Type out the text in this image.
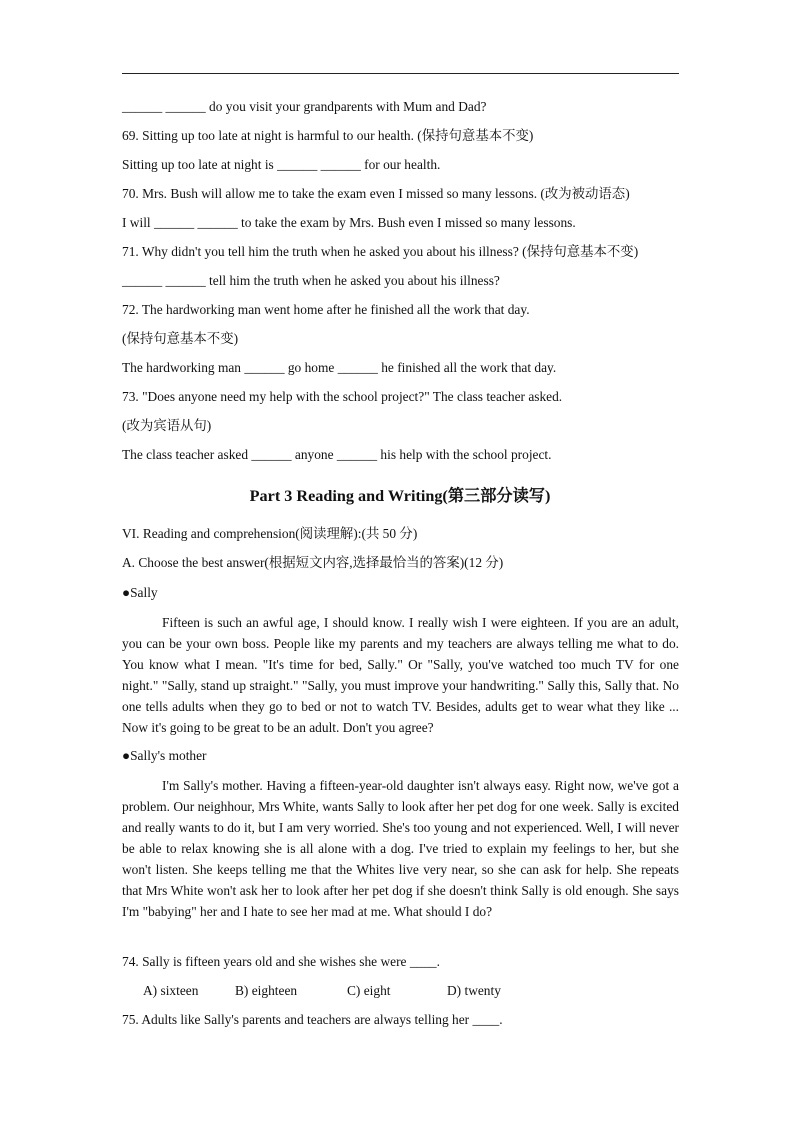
______ ______ do you visit your grandparents with Mum and Dad?
69. Sitting up too late at night is harmful to our health. (保持句意基本不变)
Sitting up too late at night is ______ ______ for our health.
70. Mrs. Bush will allow me to take the exam even I missed so many lessons. (改为被动语态)
I will ______ ______ to take the exam by Mrs. Bush even I missed so many lessons.
71. Why didn't you tell him the truth when he asked you about his illness? (保持句意基本不变)
______ ______ tell him the truth when he asked you about his illness?
72. The hardworking man went home after he finished all the work that day.
(保持句意基本不变)
The hardworking man ______ go home ______ he finished all the work that day.
73. "Does anyone need my help with the school project?" The class teacher asked.
(改为宾语从句)
The class teacher asked ______ anyone ______ his help with the school project.
Part 3 Reading and Writing(第三部分读写)
VI. Reading and comprehension(阅读理解):(共 50 分)
A. Choose the best answer(根据短文内容,选择最恰当的答案)(12 分)
●Sally
Fifteen is such an awful age, I should know. I really wish I were eighteen. If you are an adult, you can be your own boss. People like my parents and my teachers are always telling me what to do. You know what I mean. "It's time for bed, Sally." Or "Sally, you've watched too much TV for one night." "Sally, stand up straight." "Sally, you must improve your handwriting." Sally this, Sally that. No one tells adults when they go to bed or not to watch TV. Besides, adults get to wear what they like ... Now it's going to be great to be an adult. Don't you agree?
●Sally's mother
I'm Sally's mother. Having a fifteen-year-old daughter isn't always easy. Right now, we've got a problem. Our neighhour, Mrs White, wants Sally to look after her pet dog for one week. Sally is excited and really wants to do it, but I am very worried. She's too young and not experienced. Well, I will never be able to relax knowing she is all alone with a dog. I've tried to explain my feelings to her, but she won't listen. She keeps telling me that the Whites live very near, so she can ask for help. She repeats that Mrs White won't ask her to look after her pet dog if she doesn't think Sally is old enough. She says I'm "babying" her and I hate to see her mad at me. What should I do?
74. Sally is fifteen years old and she wishes she were ____.
A) sixteen	B) eighteen	C) eight	D) twenty
75. Adults like Sally's parents and teachers are always telling her ____.
